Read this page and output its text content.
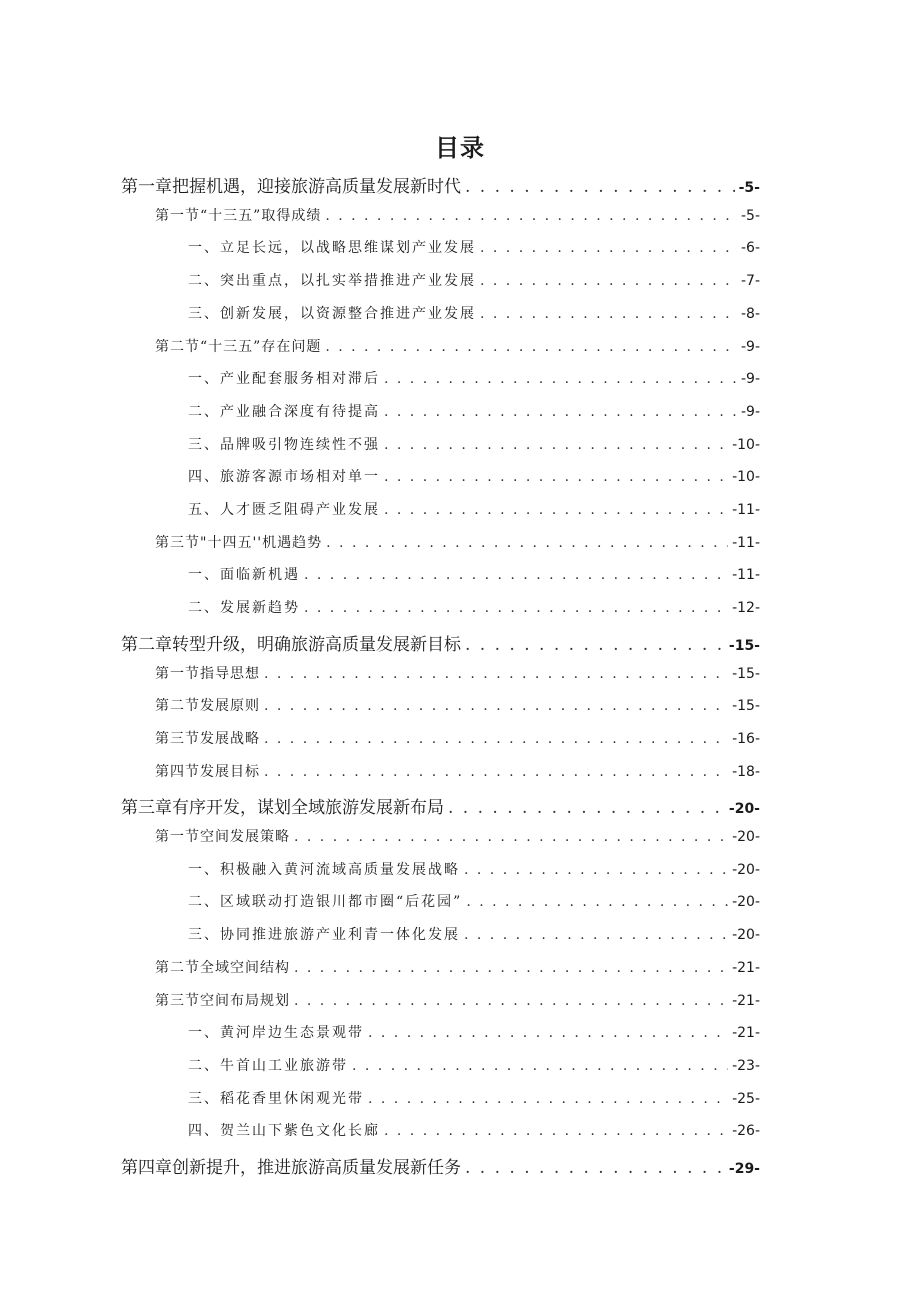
目录
第一章把握机遇，迎接旅游高质量发展新时代 . . .	-5-
第一节“十三五”取得成绩 . . .	-5-
一、立足长远，以战略思维谋划产业发展 . . .	-6-
二、突出重点，以扎实举措推进产业发展 . . .	-7-
三、创新发展，以资源整合推进产业发展 . . .	-8-
第二节“十三五”存在问题 . . .	-9-
一、产业配套服务相对滞后 . . .	-9-
二、产业融合深度有待提高 . . .	-9-
三、品牌吸引物连续性不强 . . .	-10-
四、旅游客源市场相对单一 . . .	-10-
五、人才匮乏阻碍产业发展 . . .	-11-
第三节"十四五''机遇趋势 . . .	-11-
一、面临新机遇 . . .	-11-
二、发展新趋势 . . .	-12-
第二章转型升级，明确旅游高质量发展新目标 . . .	-15-
第一节指导思想 . . .	-15-
第二节发展原则 . . .	-15-
第三节发展战略 . . .	-16-
第四节发展目标 . . .	-18-
第三章有序开发，谋划全域旅游发展新布局 . . .	-20-
第一节空间发展策略 . . .	-20-
一、积极融入黄河流域高质量发展战略 . . .	-20-
二、区域联动打造银川都市圈“后花园” . . .	-20-
三、协同推进旅游产业利青一体化发展 . . .	-20-
第二节全域空间结构 . . .	-21-
第三节空间布局规划 . . .	-21-
一、黄河岸边生态景观带 . . .	-21-
二、牛首山工业旅游带 . . .	-23-
三、稻花香里休闲观光带 . . .	-25-
四、贺兰山下紫色文化长廊 . . .	-26-
第四章创新提升，推进旅游高质量发展新任务 . . .	-29-
